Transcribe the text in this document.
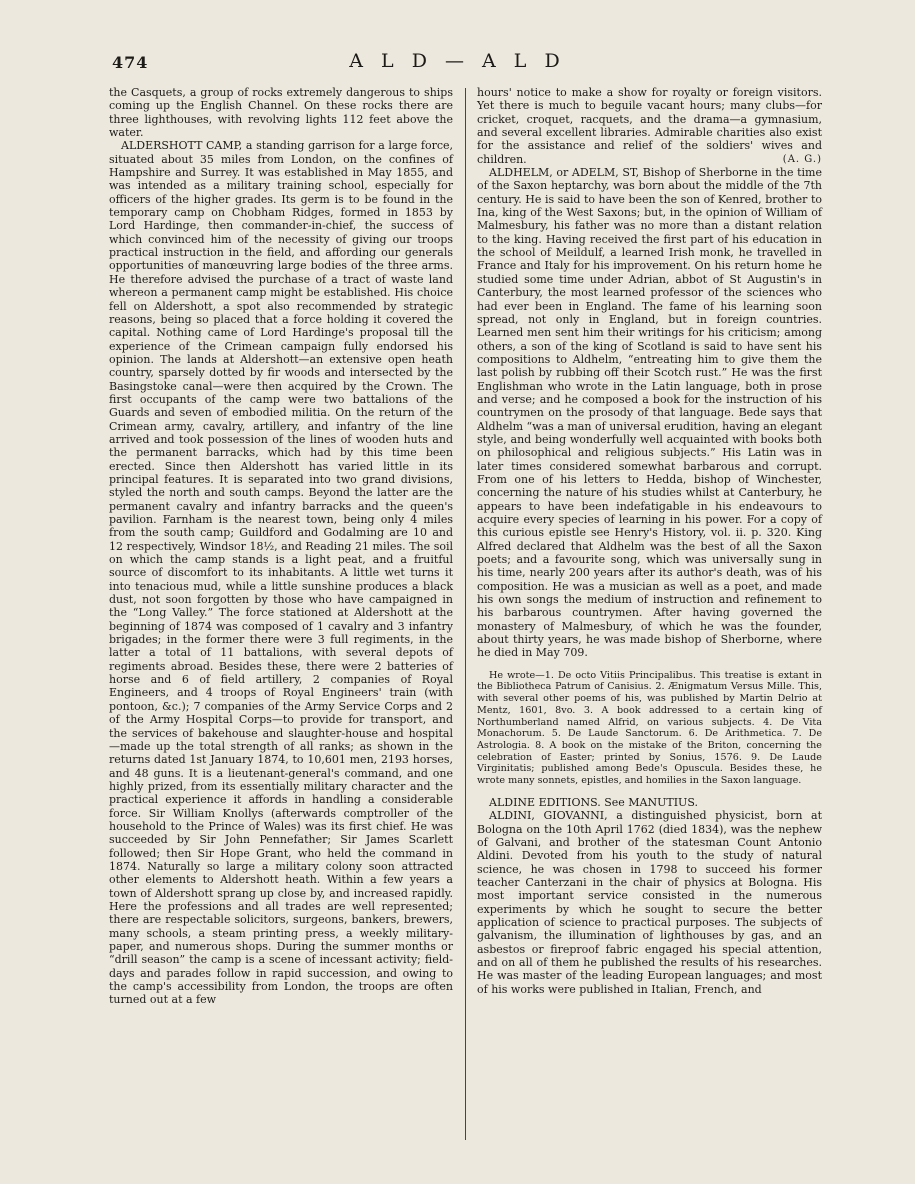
474	A L D — A L D

the Casquets, a group of rocks extremely dangerous to ships coming up the English Channel. On these rocks there are three lighthouses, with revolving lights 112 feet above the water.

ALDERSHOTT CAMP, a standing garrison for a large force, situated about 35 miles from London, on the confines of Hampshire and Surrey. It was established in May 1855, and was intended as a military training school, especially for officers of the higher grades. Its germ is to be found in the temporary camp on Chobham Ridges, formed in 1853 by Lord Hardinge, then commander-in-chief, the success of which convinced him of the necessity of giving our troops practical instruction in the field, and affording our generals opportunities of manœuvring large bodies of the three arms. He therefore advised the purchase of a tract of waste land whereon a permanent camp might be established. His choice fell on Aldershott, a spot also recommended by strategic reasons, being so placed that a force holding it covered the capital. Nothing came of Lord Hardinge's proposal till the experience of the Crimean campaign fully endorsed his opinion. The lands at Aldershott—an extensive open heath country, sparsely dotted by fir woods and intersected by the Basingstoke canal—were then acquired by the Crown. The first occupants of the camp were two battalions of the Guards and seven of embodied militia. On the return of the Crimean army, cavalry, artillery, and infantry of the line arrived and took possession of the lines of wooden huts and the permanent barracks, which had by this time been erected. Since then Aldershott has varied little in its principal features. It is separated into two grand divisions, styled the north and south camps. Beyond the latter are the permanent cavalry and infantry barracks and the queen's pavilion. Farnham is the nearest town, being only 4 miles from the south camp; Guildford and Godalming are 10 and 12 respectively, Windsor 18½, and Reading 21 miles. The soil on which the camp stands is a light peat, and a fruitful source of discomfort to its inhabitants. A little wet turns it into tenacious mud, while a little sunshine produces a black dust, not soon forgotten by those who have campaigned in the “Long Valley.” The force stationed at Aldershott at the beginning of 1874 was composed of 1 cavalry and 3 infantry brigades; in the former there were 3 full regiments, in the latter a total of 11 battalions, with several depots of regiments abroad. Besides these, there were 2 batteries of horse and 6 of field artillery, 2 companies of Royal Engineers, and 4 troops of Royal Engineers' train (with pontoon, &c.); 7 companies of the Army Service Corps and 2 of the Army Hospital Corps—to provide for transport, and the services of bakehouse and slaughter-house and hospital—made up the total strength of all ranks; as shown in the returns dated 1st January 1874, to 10,601 men, 2193 horses, and 48 guns. It is a lieutenant-general's command, and one highly prized, from its essentially military character and the practical experience it affords in handling a considerable force. Sir William Knollys (afterwards comptroller of the household to the Prince of Wales) was its first chief. He was succeeded by Sir John Pennefather; Sir James Scarlett followed; then Sir Hope Grant, who held the command in 1874. Naturally so large a military colony soon attracted other elements to Aldershott heath. Within a few years a town of Aldershott sprang up close by, and increased rapidly. Here the professions and all trades are well represented; there are respectable solicitors, surgeons, bankers, brewers, many schools, a steam printing press, a weekly military-paper, and numerous shops. During the summer months or “drill season” the camp is a scene of incessant activity; field-days and parades follow in rapid succession, and owing to the camp's accessibility from London, the troops are often turned out at a few

hours' notice to make a show for royalty or foreign visitors. Yet there is much to beguile vacant hours; many clubs—for cricket, croquet, racquets, and the drama—a gymnasium, and several excellent libraries. Admirable charities also exist for the assistance and relief of the soldiers' wives and children.	(A. G.)

ALDHELM, or ADELM, ST, Bishop of Sherborne in the time of the Saxon heptarchy, was born about the middle of the 7th century. He is said to have been the son of Kenred, brother to Ina, king of the West Saxons; but, in the opinion of William of Malmesbury, his father was no more than a distant relation to the king. Having received the first part of his education in the school of Meildulf, a learned Irish monk, he travelled in France and Italy for his improvement. On his return home he studied some time under Adrian, abbot of St Augustin's in Canterbury, the most learned professor of the sciences who had ever been in England. The fame of his learning soon spread, not only in England, but in foreign countries. Learned men sent him their writings for his criticism; among others, a son of the king of Scotland is said to have sent his compositions to Aldhelm, “entreating him to give them the last polish by rubbing off their Scotch rust.” He was the first Englishman who wrote in the Latin language, both in prose and verse; and he composed a book for the instruction of his countrymen on the prosody of that language. Bede says that Aldhelm “was a man of universal erudition, having an elegant style, and being wonderfully well acquainted with books both on philosophical and religious subjects.” His Latin was in later times considered somewhat barbarous and corrupt. From one of his letters to Hedda, bishop of Winchester, concerning the nature of his studies whilst at Canterbury, he appears to have been indefatigable in his endeavours to acquire every species of learning in his power. For a copy of this curious epistle see Henry's History, vol. ii. p. 320. King Alfred declared that Aldhelm was the best of all the Saxon poets; and a favourite song, which was universally sung in his time, nearly 200 years after its author's death, was of his composition. He was a musician as well as a poet, and made his own songs the medium of instruction and refinement to his barbarous countrymen. After having governed the monastery of Malmesbury, of which he was the founder, about thirty years, he was made bishop of Sherborne, where he died in May 709.

He wrote—1. De octo Vitiis Principalibus. This treatise is extant in the Bibliotheca Patrum of Canisius. 2. Ænigmatum Versus Mille. This, with several other poems of his, was published by Martin Delrio at Mentz, 1601, 8vo. 3. A book addressed to a certain king of Northumberland named Alfrid, on various subjects. 4. De Vita Monachorum. 5. De Laude Sanctorum. 6. De Arithmetica. 7. De Astrologia. 8. A book on the mistake of the Briton, concerning the celebration of Easter; printed by Sonius, 1576. 9. De Laude Virginitatis; published among Bede's Opuscula. Besides these, he wrote many sonnets, epistles, and homilies in the Saxon language.

ALDINE EDITIONS. See MANUTIUS.

ALDINI, GIOVANNI, a distinguished physicist, born at Bologna on the 10th April 1762 (died 1834), was the nephew of Galvani, and brother of the statesman Count Antonio Aldini. Devoted from his youth to the study of natural science, he was chosen in 1798 to succeed his former teacher Canterzani in the chair of physics at Bologna. His most important service consisted in the numerous experiments by which he sought to secure the better application of science to practical purposes. The subjects of galvanism, the illumination of lighthouses by gas, and an asbestos or fireproof fabric engaged his special attention, and on all of them he published the results of his researches. He was master of the leading European languages; and most of his works were published in Italian, French, and
